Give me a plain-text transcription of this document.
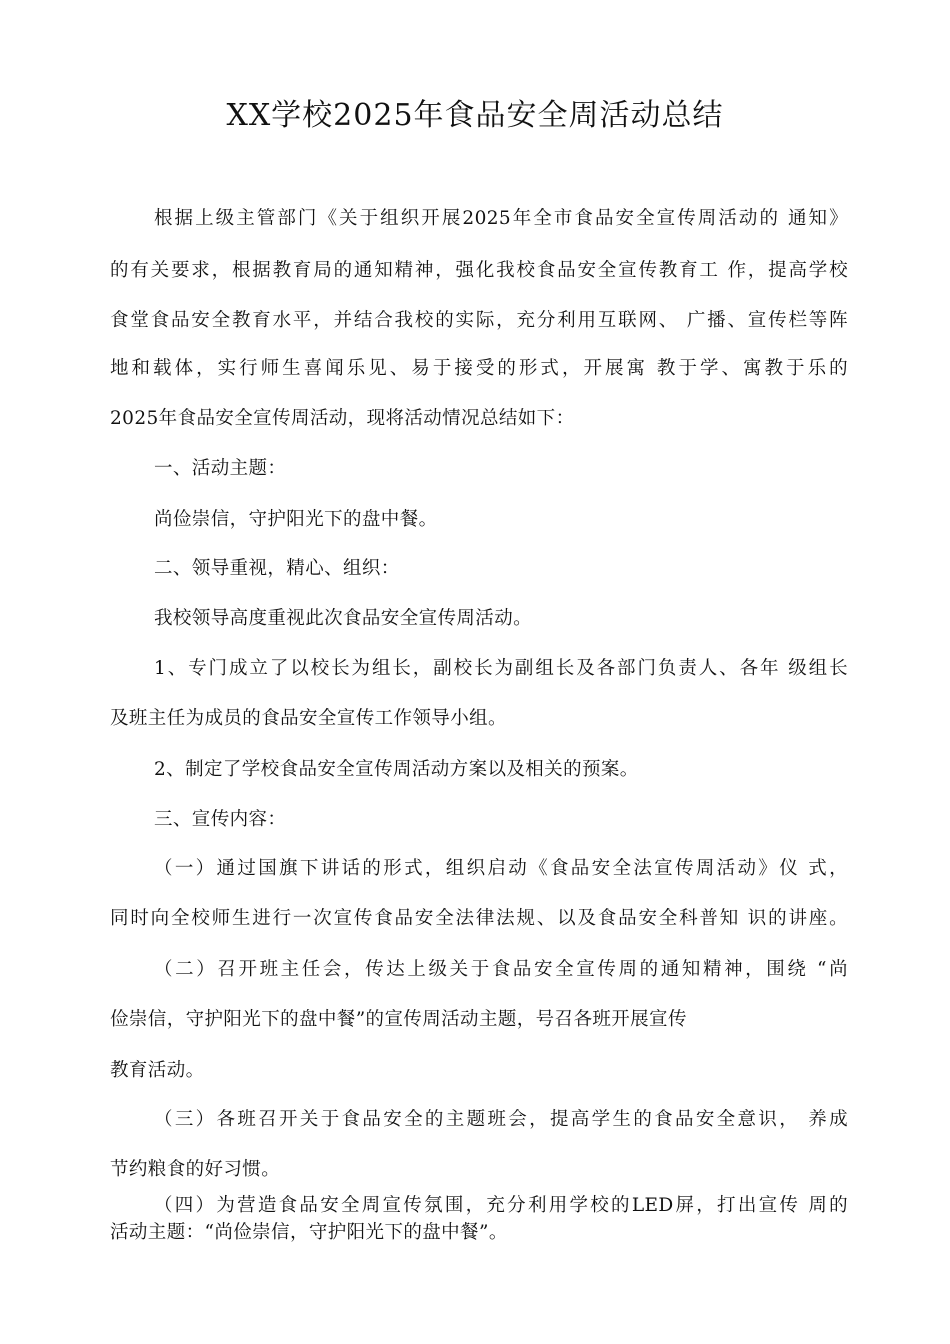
XX学校2025年食品安全周活动总结
根据上级主管部门《关于组织开展2025年全市食品安全宣传周活动的 通知》
的有关要求，根据教育局的通知精神，强化我校食品安全宣传教育工 作，提高学校
食堂食品安全教育水平，并结合我校的实际，充分利用互联网、 广播、宣传栏等阵
地和载体，实行师生喜闻乐见、易于接受的形式，开展寓 教于学、寓教于乐的
2025年食品安全宣传周活动，现将活动情况总结如下：
一、活动主题：
尚俭崇信，守护阳光下的盘中餐。
二、领导重视，精心、组织：
我校领导高度重视此次食品安全宣传周活动。
1、专门成立了以校长为组长，副校长为副组长及各部门负责人、各年 级组长
及班主任为成员的食品安全宣传工作领导小组。
2、制定了学校食品安全宣传周活动方案以及相关的预案。
三、宣传内容：
（一）通过国旗下讲话的形式，组织启动《食品安全法宣传周活动》仪 式，
同时向全校师生进行一次宣传食品安全法律法规、以及食品安全科普知 识的讲座。
（二）召开班主任会，传达上级关于食品安全宣传周的通知精神，围绕 “尚
俭崇信，守护阳光下的盘中餐”的宣传周活动主题，号召各班开展宣传
教育活动。
（三）各班召开关于食品安全的主题班会，提高学生的食品安全意识， 养成
节约粮食的好习惯。
（四）为营造食品安全周宣传氛围，充分利用学校的LED屏，打出宣传 周的
活动主题：“尚俭崇信，守护阳光下的盘中餐”。
